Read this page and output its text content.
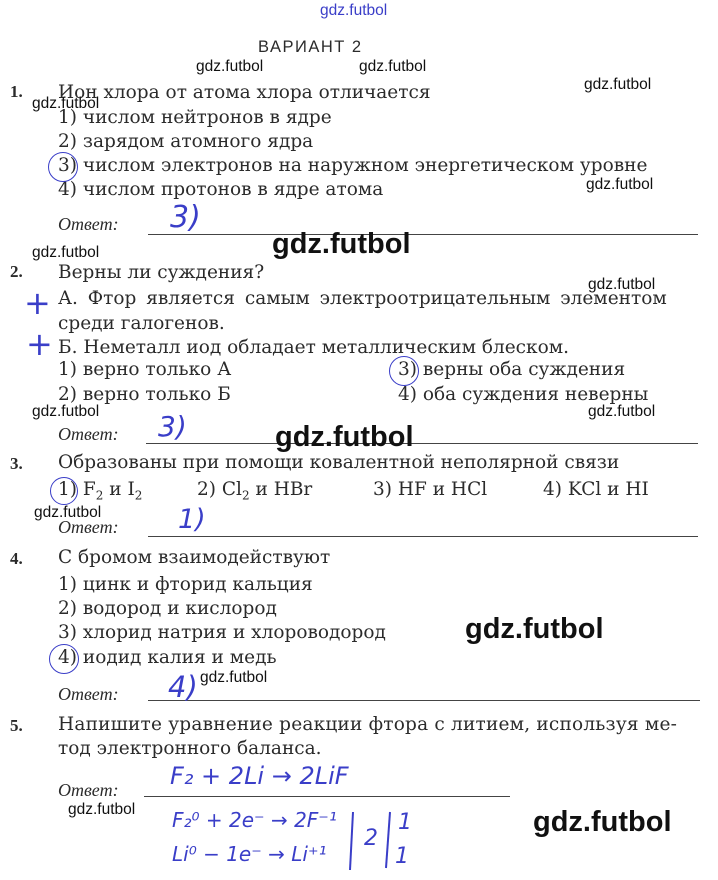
gdz.futbol
ВАРИАНТ 2
1. Ион хлора от атома хлора отличается
1) числом нейтронов в ядре
2) зарядом атомного ядра
3) числом электронов на наружном энергетическом уровне
4) числом протонов в ядре атома
Ответ: 3)
2. Верны ли суждения?
+
+
А. Фтор является самым электроотрицательным элементом
среди галогенов.
Б. Неметалл иод обладает металлическим блеском.
1) верно только А
2) верно только Б
3) верны оба суждения
4) оба суждения неверны
Ответ: 3)
3. Образованы при помощи ковалентной неполярной связи
1) $F_2$ и $I_2$	2) $Cl_2$ и HBr	3) HF и HCl	4) KCl и HI
Ответ: 1)
4. С бромом взаимодействуют
1) цинк и фторид кальция
2) водород и кислород
3) хлорид натрия и хлороводород
4) иодид калия и медь
Ответ: 4)
5. Напишите уравнение реакции фтора с литием, используя ме-
тод электронного баланса.
Ответ: F₂ + 2Li → 2LiF
F₂⁰ + 2e⁻ → 2F⁻¹
Li⁰ − 1e⁻ → Li⁺¹
2
1
1
gdz.futbol	gdz.futbol
gdz.futbol
gdz.futbol
gdz.futbol
gdz.futbol	gdz.futbol
gdz.futbol
gdz.futbol	gdz.futbol
gdz.futbol
gdz.futbol
gdz.futbol
gdz.futbol
gdz.futbol	gdz.futbol
